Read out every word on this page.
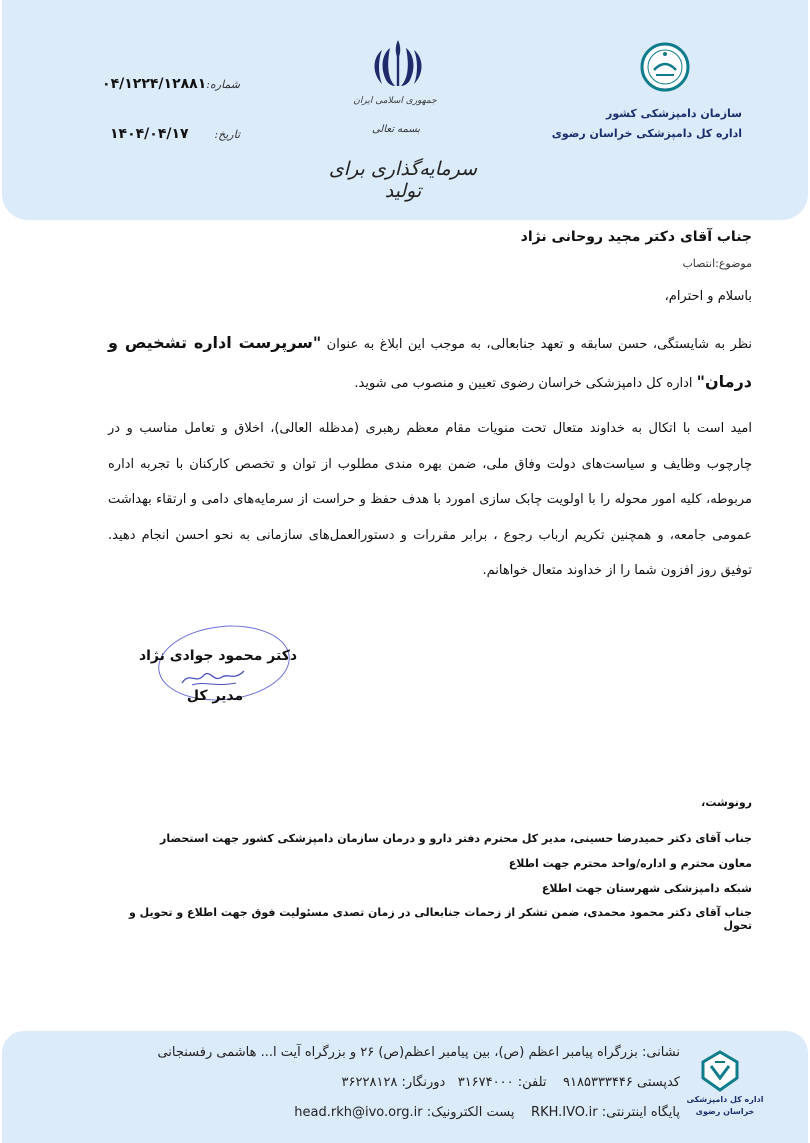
شماره:
۰۴/۱۲۲۴/۱۲۸۸۱
تاریخ:
۱۴۰۴/۰۴/۱۷
جمهوری اسلامی ایران
بسمه تعالی
سرمایه‌گذاری برای تولید
سازمان دامپزشکی کشور
اداره کل دامپزشکی خراسان رضوی
جناب آقای دکتر مجید روحانی نژاد
موضوع:انتصاب
باسلام و احترام،
نظر به شایستگی، حسن سابقه و تعهد جنابعالی، به موجب این ابلاغ به عنوان "سرپرست اداره تشخیص و درمان" اداره کل دامپزشکی خراسان رضوی تعیین و منصوب می شوید.
امید است با اتکال به خداوند متعال تحت منویات مقام معظم رهبری (مدظله العالی)، اخلاق و تعامل مناسب و در چارچوب وظایف و سیاست‌های دولت وفاق ملی، ضمن بهره مندی مطلوب از توان و تخصص کارکنان با تجربه اداره مربوطه، کلیه امور محوله را با اولویت چابک سازی امورد با هدف حفظ و حراست از سرمایه‌های دامی و ارتقاء بهداشت عمومی جامعه، و همچنین تکریم ارباب رجوع ، برابر مقررات و دستورالعمل‌های سازمانی به نحو احسن انجام دهید. توفیق روز افزون شما را از خداوند متعال خواهانم.
دکتر محمود جوادی نژاد
مدیر کل
رونوشت،
جناب آقای دکتر حمیدرضا حسینی، مدیر کل محترم دفتر دارو و درمان سازمان دامپزشکی کشور جهت استحضار
معاون محترم و اداره/واحد محترم جهت اطلاع
شبکه دامپزشکی شهرستان جهت اطلاع
جناب آقای دکتر محمود محمدی، ضمن تشکر از زحمات جنابعالی در زمان تصدی مسئولیت فوق جهت اطلاع و تحویل و تحول
اداره کل دامپزشکی خراسان رضوی
نشانی: بزرگراه پیامبر اعظم (ص)، بین پیامبر اعظم(ص) ۲۶ و بزرگراه آیت ا... هاشمی رفسنجانی
کدپستی ۹۱۸۵۳۳۳۴۴۶    تلفن: ۳۱۶۷۴۰۰۰   دورنگار: ۳۶۲۲۸۱۲۸
پایگاه اینترنتی: RKH.IVO.ir    پست الکترونیک: head.rkh@ivo.org.ir
